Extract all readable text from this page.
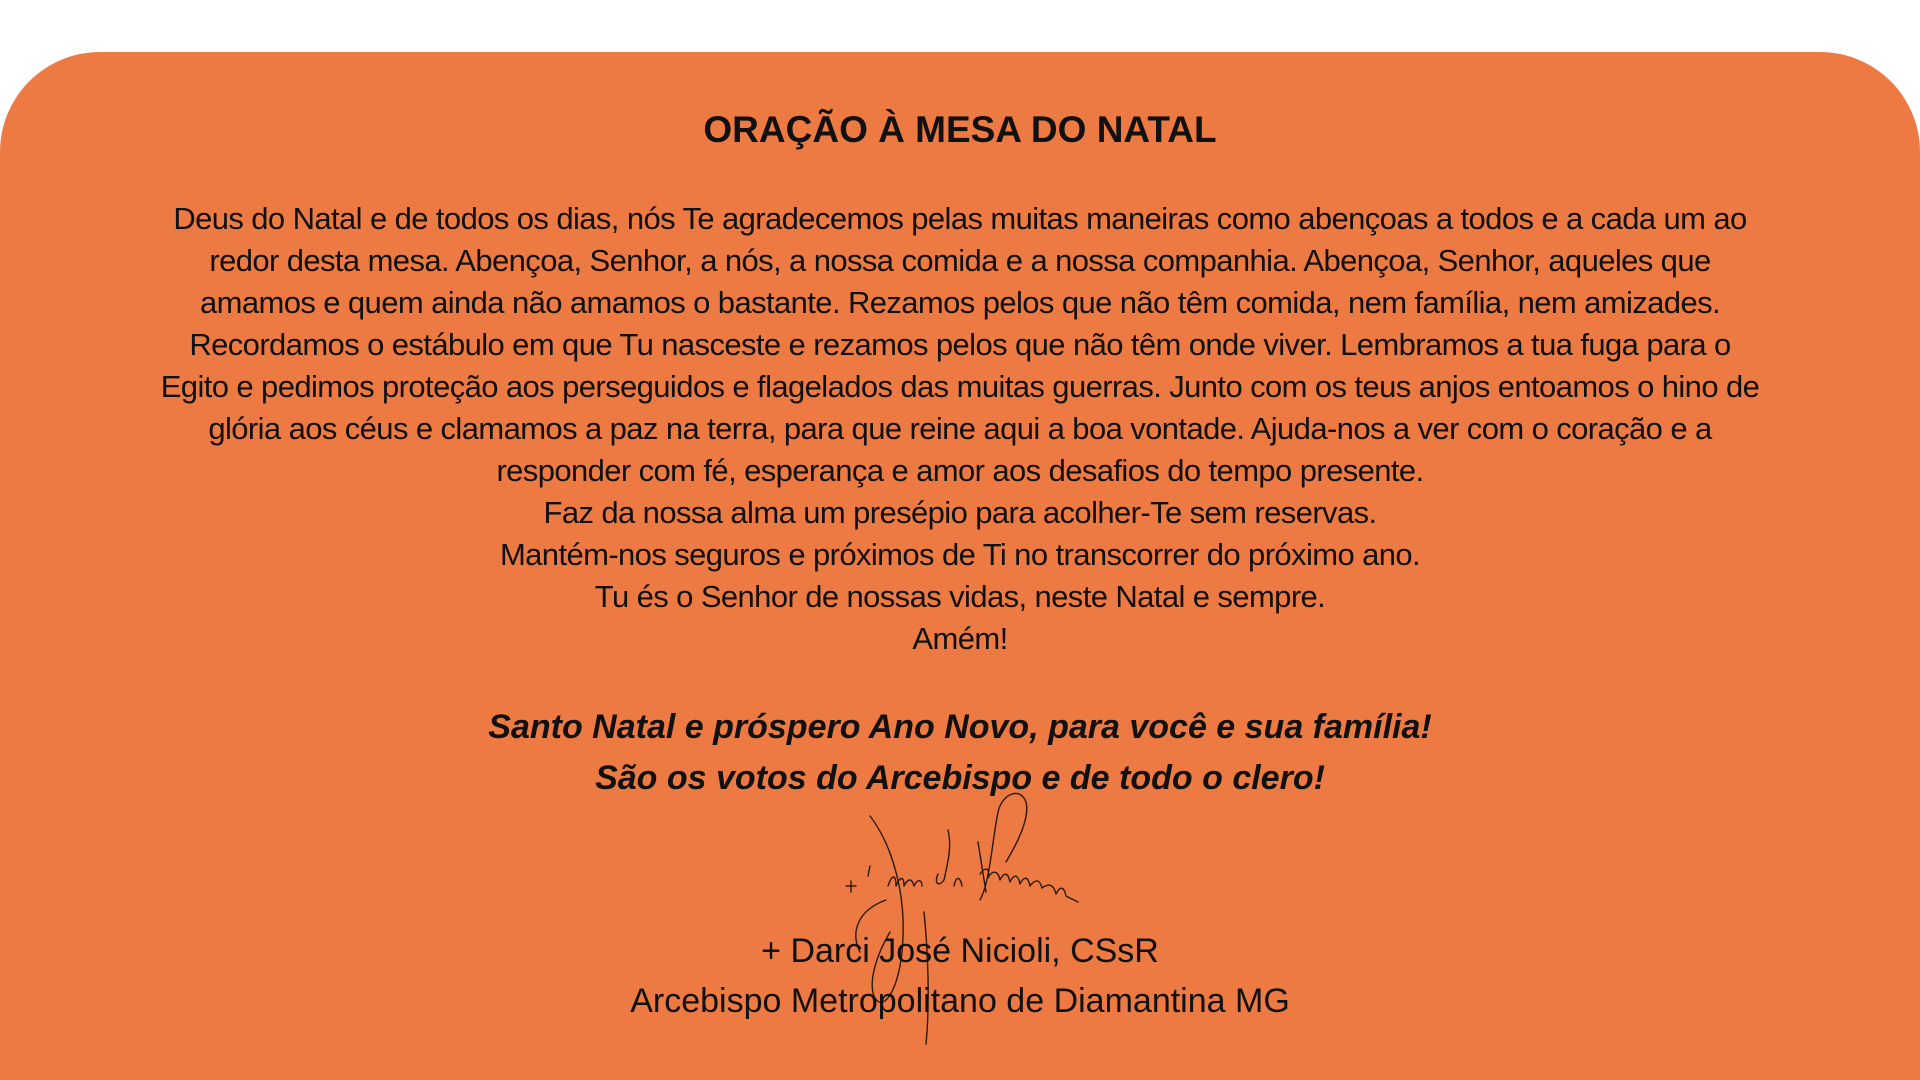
ORAÇÃO À MESA DO NATAL

Deus do Natal e de todos os dias, nós Te agradecemos pelas muitas maneiras como abençoas a todos e a cada um ao

redor desta mesa. Abençoa, Senhor, a nós, a nossa comida e a nossa companhia. Abençoa, Senhor, aqueles que

amamos e quem ainda não amamos o bastante. Rezamos pelos que não têm comida, nem família, nem amizades.

Recordamos o estábulo em que Tu nasceste e rezamos pelos que não têm onde viver. Lembramos a tua fuga para o

Egito e pedimos proteção aos perseguidos e flagelados das muitas guerras. Junto com os teus anjos entoamos o hino de

glória aos céus e clamamos a paz na terra, para que reine aqui a boa vontade. Ajuda-nos a ver com o coração e a

responder com fé, esperança e amor aos desafios do tempo presente.

Faz da nossa alma um presépio para acolher-Te sem reservas.

Mantém-nos seguros e próximos de Ti no transcorrer do próximo ano.

Tu és o Senhor de nossas vidas, neste Natal e sempre.

Amém!

Santo Natal e próspero Ano Novo, para você e sua família!

São os votos do Arcebispo e de todo o clero!

+ Darci José Nicioli, CSsR

Arcebispo Metropolitano de Diamantina MG
